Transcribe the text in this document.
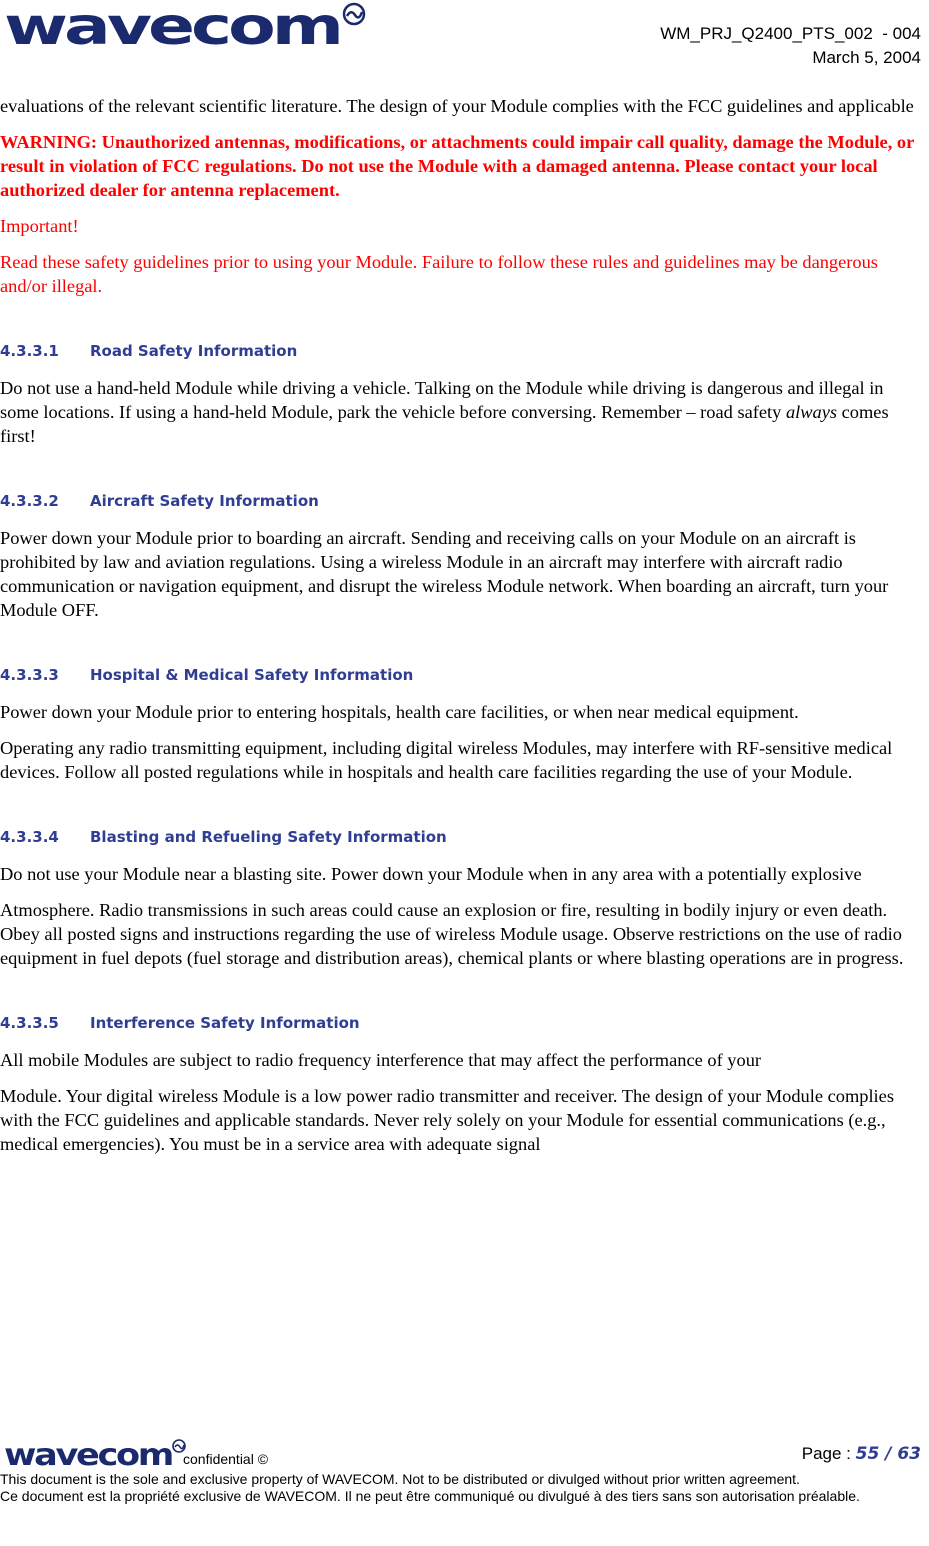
wavecom	WM_PRJ_Q2400_PTS_002  - 004
March 5, 2004

evaluations of the relevant scientific literature. The design of your Module complies with the FCC guidelines and applicable

WARNING: Unauthorized antennas, modifications, or attachments could impair call quality, damage the Module, or result in violation of FCC regulations. Do not use the Module with a damaged antenna. Please contact your local authorized dealer for antenna replacement.

Important!

Read these safety guidelines prior to using your Module. Failure to follow these rules and guidelines may be dangerous and/or illegal.

4.3.3.1 Road Safety Information

Do not use a hand-held Module while driving a vehicle. Talking on the Module while driving is dangerous and illegal in some locations. If using a hand-held Module, park the vehicle before conversing. Remember – road safety always comes first!

4.3.3.2 Aircraft Safety Information

Power down your Module prior to boarding an aircraft. Sending and receiving calls on your Module on an aircraft is prohibited by law and aviation regulations. Using a wireless Module in an aircraft may interfere with aircraft radio communication or navigation equipment, and disrupt the wireless Module network. When boarding an aircraft, turn your Module OFF.

4.3.3.3 Hospital & Medical Safety Information

Power down your Module prior to entering hospitals, health care facilities, or when near medical equipment.

Operating any radio transmitting equipment, including digital wireless Modules, may interfere with RF-sensitive medical devices. Follow all posted regulations while in hospitals and health care facilities regarding the use of your Module.

4.3.3.4 Blasting and Refueling Safety Information

Do not use your Module near a blasting site. Power down your Module when in any area with a potentially explosive

Atmosphere. Radio transmissions in such areas could cause an explosion or fire, resulting in bodily injury or even death. Obey all posted signs and instructions regarding the use of wireless Module usage. Observe restrictions on the use of radio equipment in fuel depots (fuel storage and distribution areas), chemical plants or where blasting operations are in progress.

4.3.3.5 Interference Safety Information

All mobile Modules are subject to radio frequency interference that may affect the performance of your

Module. Your digital wireless Module is a low power radio transmitter and receiver. The design of your Module complies with the FCC guidelines and applicable standards. Never rely solely on your Module for essential communications (e.g., medical emergencies). You must be in a service area with adequate signal

wavecom confidential ©	Page : 55 / 63
This document is the sole and exclusive property of WAVECOM. Not to be distributed or divulged without prior written agreement.
Ce document est la propriété exclusive de WAVECOM. Il ne peut être communiqué ou divulgué à des tiers sans son autorisation préalable.
